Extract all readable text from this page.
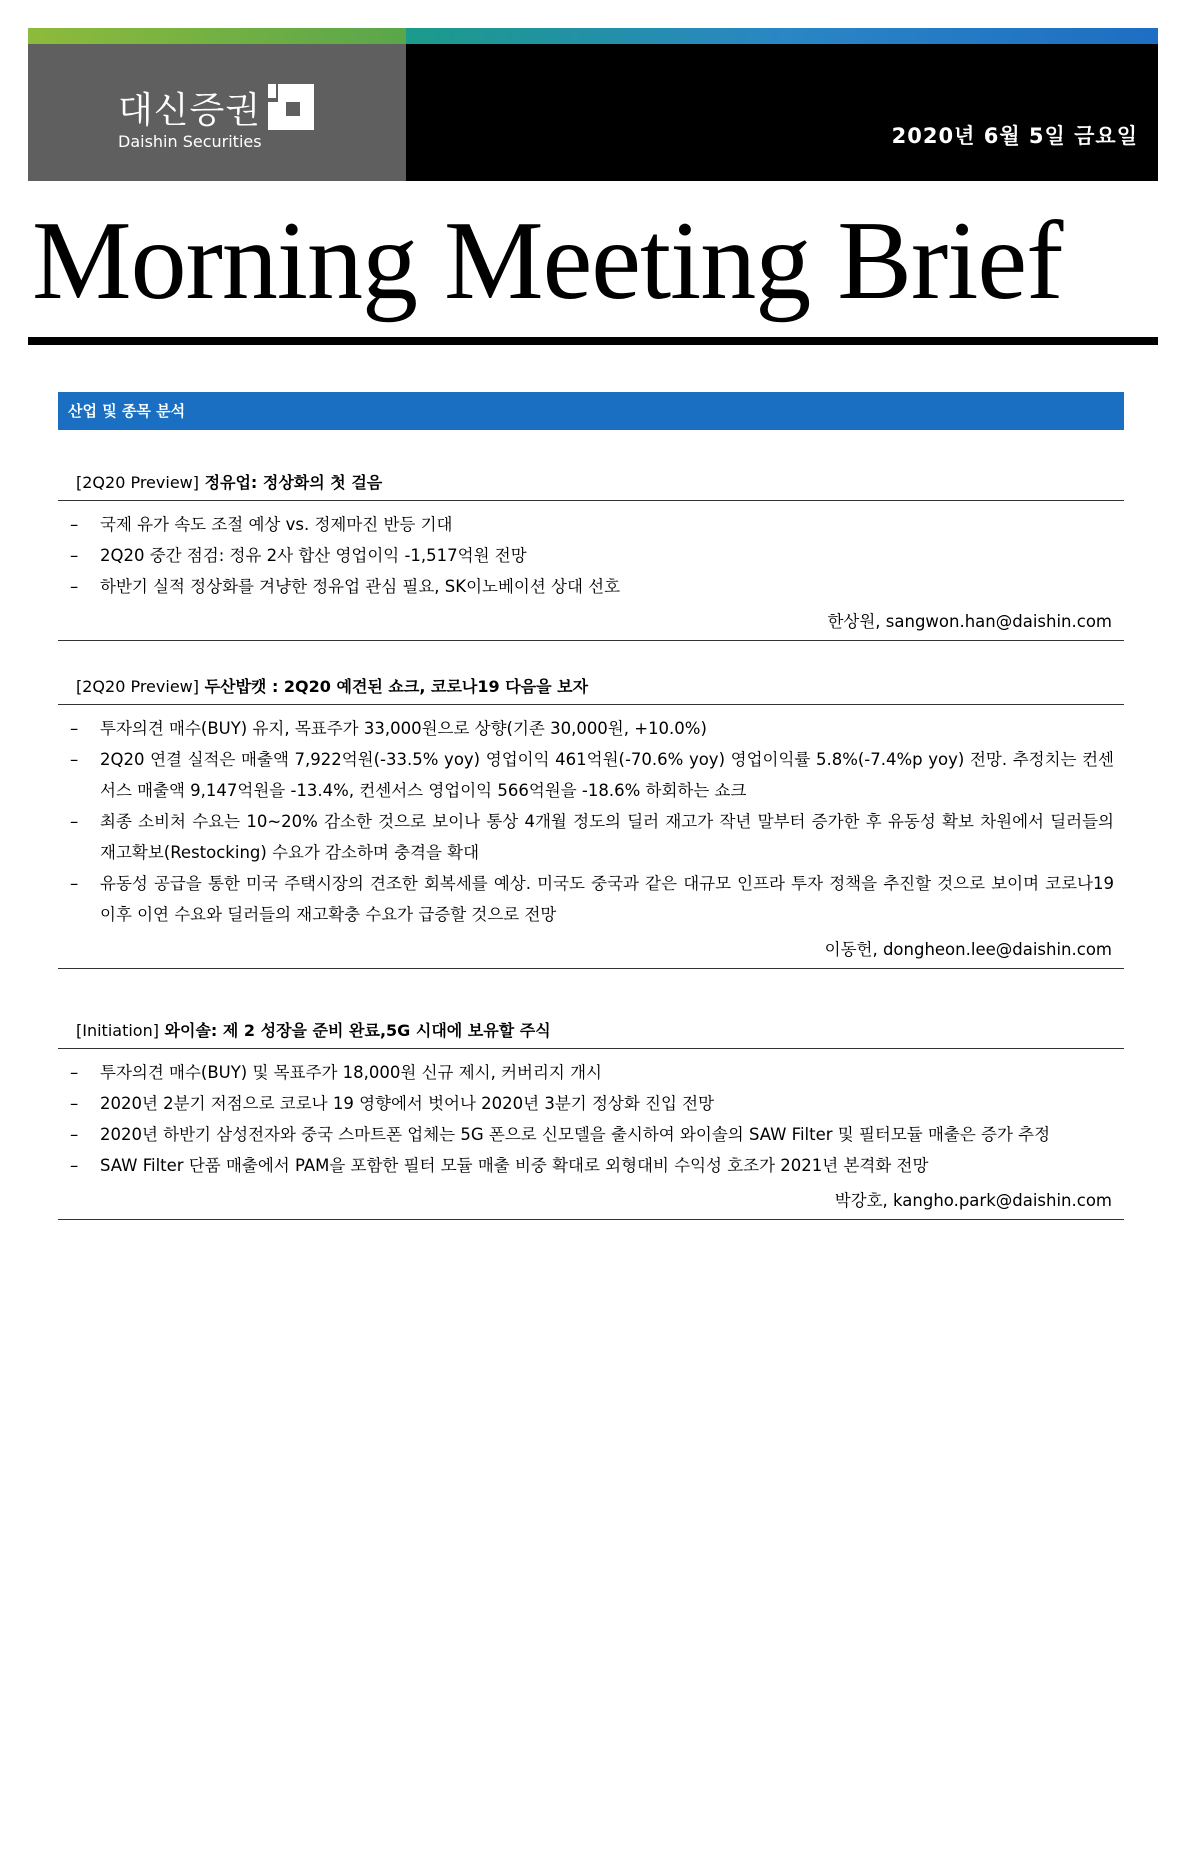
대신증권
Daishin Securities	2020년 6월 5일 금요일
Morning Meeting Brief
산업 및 종목 분석
[2Q20 Preview] 정유업: 정상화의 첫 걸음
– 국제 유가 속도 조절 예상 vs. 정제마진 반등 기대
– 2Q20 중간 점검: 정유 2사 합산 영업이익 -1,517억원 전망
– 하반기 실적 정상화를 겨냥한 정유업 관심 필요, SK이노베이션 상대 선호
한상원, sangwon.han@daishin.com
[2Q20 Preview] 두산밥캣 : 2Q20 예견된 쇼크, 코로나19 다음을 보자
– 투자의견 매수(BUY) 유지, 목표주가 33,000원으로 상향(기존 30,000원, +10.0%)
– 2Q20 연결 실적은 매출액 7,922억원(-33.5% yoy) 영업이익 461억원(-70.6% yoy) 영업이익률 5.8%(-7.4%p yoy) 전망. 추정치는 컨센서스 매출액 9,147억원을 -13.4%, 컨센서스 영업이익 566억원을 -18.6% 하회하는 쇼크
– 최종 소비처 수요는 10~20% 감소한 것으로 보이나 통상 4개월 정도의 딜러 재고가 작년 말부터 증가한 후 유동성 확보 차원에서 딜러들의 재고확보(Restocking) 수요가 감소하며 충격을 확대
– 유동성 공급을 통한 미국 주택시장의 견조한 회복세를 예상. 미국도 중국과 같은 대규모 인프라 투자 정책을 추진할 것으로 보이며 코로나19 이후 이연 수요와 딜러들의 재고확충 수요가 급증할 것으로 전망
이동헌, dongheon.lee@daishin.com
[Initiation] 와이솔: 제 2 성장을 준비 완료,5G 시대에 보유할 주식
– 투자의견 매수(BUY) 및 목표주가 18,000원 신규 제시, 커버리지 개시
– 2020년 2분기 저점으로 코로나 19 영향에서 벗어나 2020년 3분기 정상화 진입 전망
– 2020년 하반기 삼성전자와 중국 스마트폰 업체는 5G 폰으로 신모델을 출시하여 와이솔의 SAW Filter 및 필터모듈 매출은 증가 추정
– SAW Filter 단품 매출에서 PAM을 포함한 필터 모듈 매출 비중 확대로 외형대비 수익성 호조가 2021년 본격화 전망
박강호, kangho.park@daishin.com
